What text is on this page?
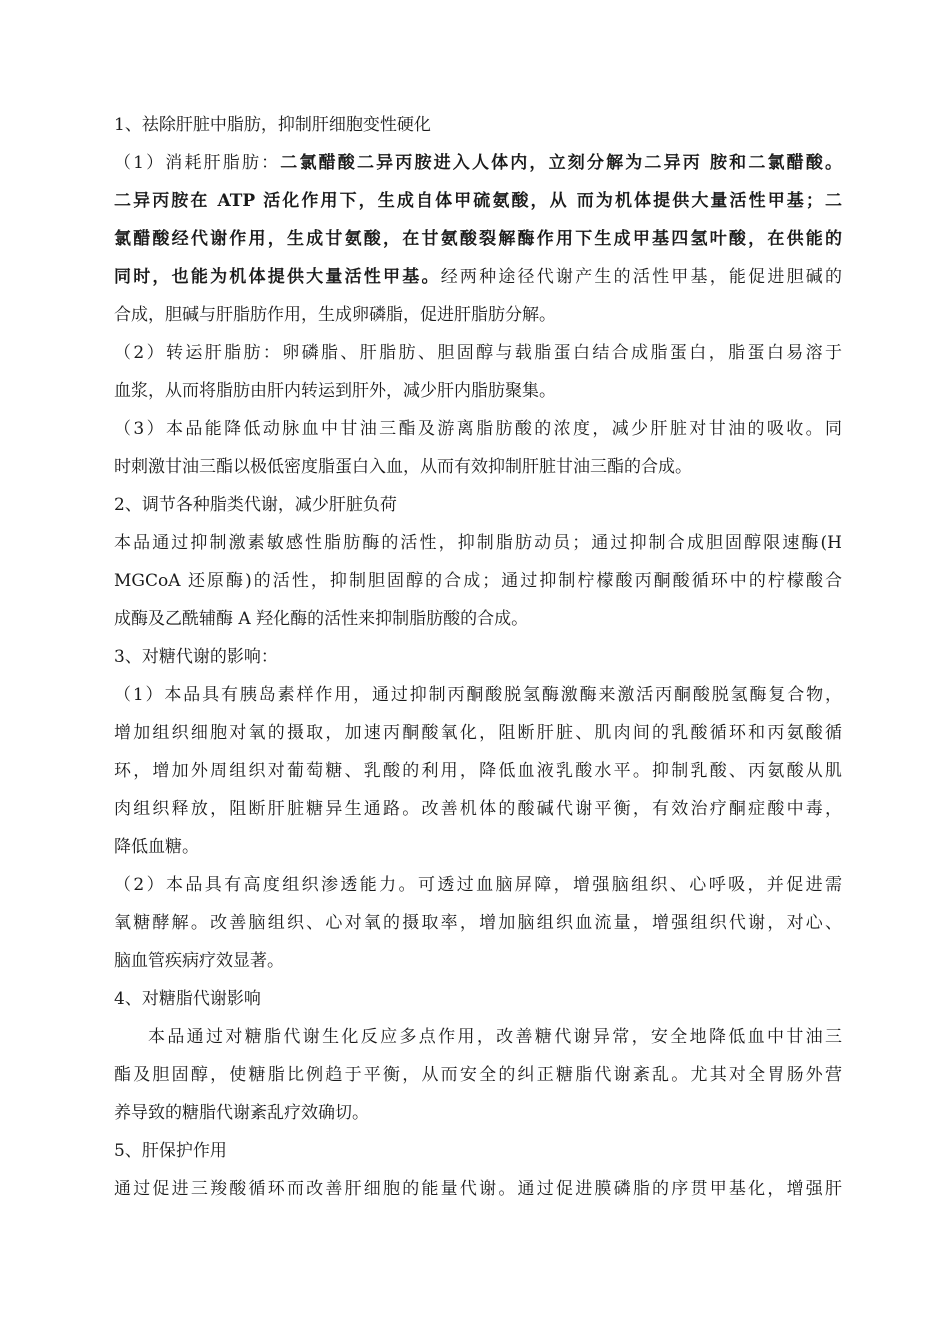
1、祛除肝脏中脂肪，抑制肝细胞变性硬化
（1）消耗肝脂肪：二氯醋酸二异丙胺进入人体内，立刻分解为二异丙 胺和二氯醋酸。
二异丙胺在 ATP 活化作用下，生成自体甲硫氨酸，从 而为机体提供大量活性甲基；二
氯醋酸经代谢作用，生成甘氨酸，在甘氨酸裂解酶作用下生成甲基四氢叶酸，在供能的
同时，也能为机体提供大量活性甲基。经两种途径代谢产生的活性甲基，能促进胆碱的
合成，胆碱与肝脂肪作用，生成卵磷脂，促进肝脂肪分解。
（2）转运肝脂肪：卵磷脂、肝脂肪、胆固醇与载脂蛋白结合成脂蛋白，脂蛋白易溶于
血浆，从而将脂肪由肝内转运到肝外，减少肝内脂肪聚集。
（3）本品能降低动脉血中甘油三酯及游离脂肪酸的浓度，减少肝脏对甘油的吸收。同
时刺激甘油三酯以极低密度脂蛋白入血，从而有效抑制肝脏甘油三酯的合成。
2、调节各种脂类代谢，减少肝脏负荷
本品通过抑制激素敏感性脂肪酶的活性，抑制脂肪动员；通过抑制合成胆固醇限速酶(H
MGCoA 还原酶)的活性，抑制胆固醇的合成；通过抑制柠檬酸丙酮酸循环中的柠檬酸合
成酶及乙酰辅酶 A 羟化酶的活性来抑制脂肪酸的合成。
3、对糖代谢的影响：
（1）本品具有胰岛素样作用，通过抑制丙酮酸脱氢酶激酶来激活丙酮酸脱氢酶复合物，
增加组织细胞对氧的摄取，加速丙酮酸氧化，阻断肝脏、肌肉间的乳酸循环和丙氨酸循
环，增加外周组织对葡萄糖、乳酸的利用，降低血液乳酸水平。抑制乳酸、丙氨酸从肌
肉组织释放，阻断肝脏糖异生通路。改善机体的酸碱代谢平衡，有效治疗酮症酸中毒，
降低血糖。
（2）本品具有高度组织渗透能力。可透过血脑屏障，增强脑组织、心呼吸，并促进需
氧糖酵解。改善脑组织、心对氧的摄取率，增加脑组织血流量，增强组织代谢，对心、
脑血管疾病疗效显著。
4、对糖脂代谢影响
本品通过对糖脂代谢生化反应多点作用，改善糖代谢异常，安全地降低血中甘油三
酯及胆固醇，使糖脂比例趋于平衡，从而安全的纠正糖脂代谢紊乱。尤其对全胃肠外营
养导致的糖脂代谢紊乱疗效确切。
5、肝保护作用
通过促进三羧酸循环而改善肝细胞的能量代谢。通过促进膜磷脂的序贯甲基化，增强肝
